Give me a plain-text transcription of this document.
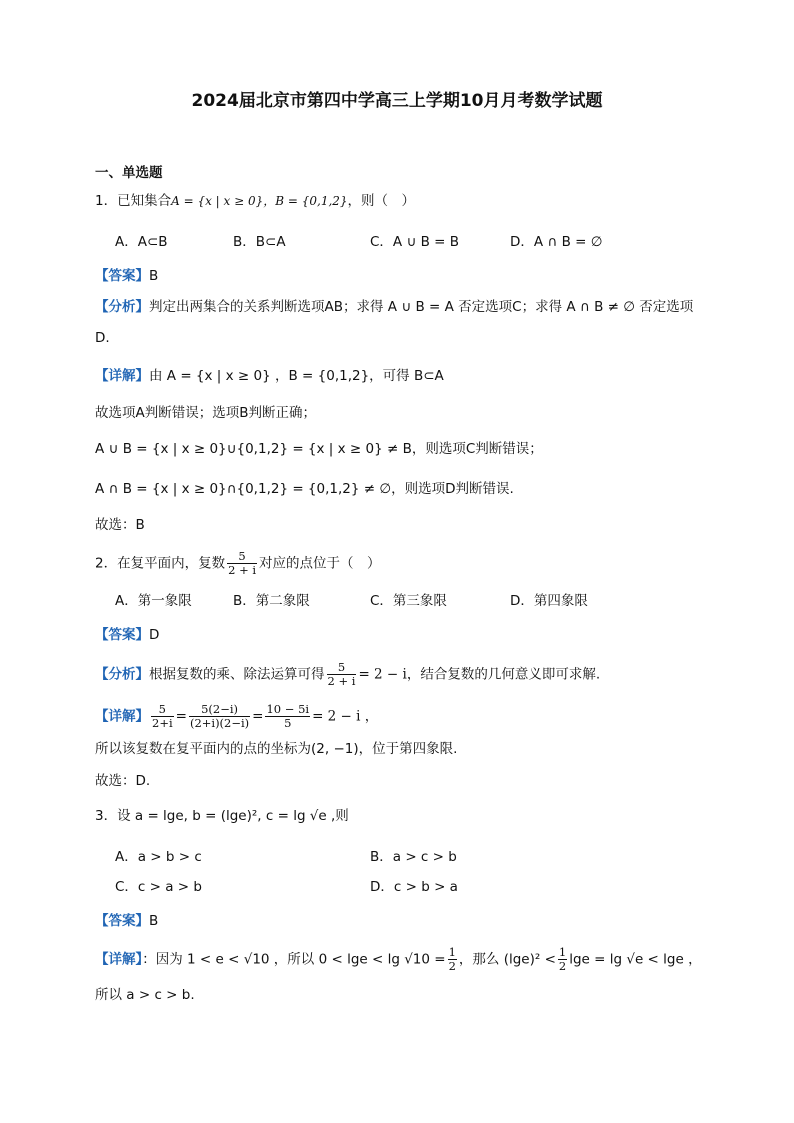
2024届北京市第四中学高三上学期10月月考数学试题
一、单选题
1．已知集合A = {x | x ≥ 0}，B = {0,1,2}，则（　）
A．A⊂B	B．B⊂A	C．A ∪ B = B	D．A ∩ B = ∅
【答案】B
【分析】判定出两集合的关系判断选项AB；求得 A ∪ B = A 否定选项C；求得 A ∩ B ≠ ∅ 否定选项
D.
【详解】由 A = {x | x ≥ 0} ，B = {0,1,2}，可得 B⊂A
故选项A判断错误；选项B判断正确；
A ∪ B = {x | x ≥ 0}∪{0,1,2} = {x | x ≥ 0} ≠ B，则选项C判断错误；
A ∩ B = {x | x ≥ 0}∩{0,1,2} = {0,1,2} ≠ ∅，则选项D判断错误.
故选：B
2．在复平面内，复数 $\frac{5}{2 + i}$ 对应的点位于（　）
A．第一象限	B．第二象限	C．第三象限	D．第四象限
【答案】D
【分析】根据复数的乘、除法运算可得 $\frac{5}{2 + i} = 2 - i$，结合复数的几何意义即可求解.
【详解】 $\frac{5}{2+i} = \frac{5(2-i)}{(2+i)(2-i)} = \frac{10 - 5i}{5} = 2 - i$ ，
所以该复数在复平面内的点的坐标为(2, −1)，位于第四象限.
故选：D.
3．设 a = lge, b = (lge)², c = lg √e ,则
A．a > b > c	B．a > c > b
C．c > a > b	D．c > b > a
【答案】B
【详解】：因为 1 < e < √10 ，所以 $0 < \lg e < \lg √10 = \frac{1}{2}$ ，那么 $(\lg e)^2 < \frac{1}{2}$ lge = lg √e < lge ，
所以 a > c > b.
